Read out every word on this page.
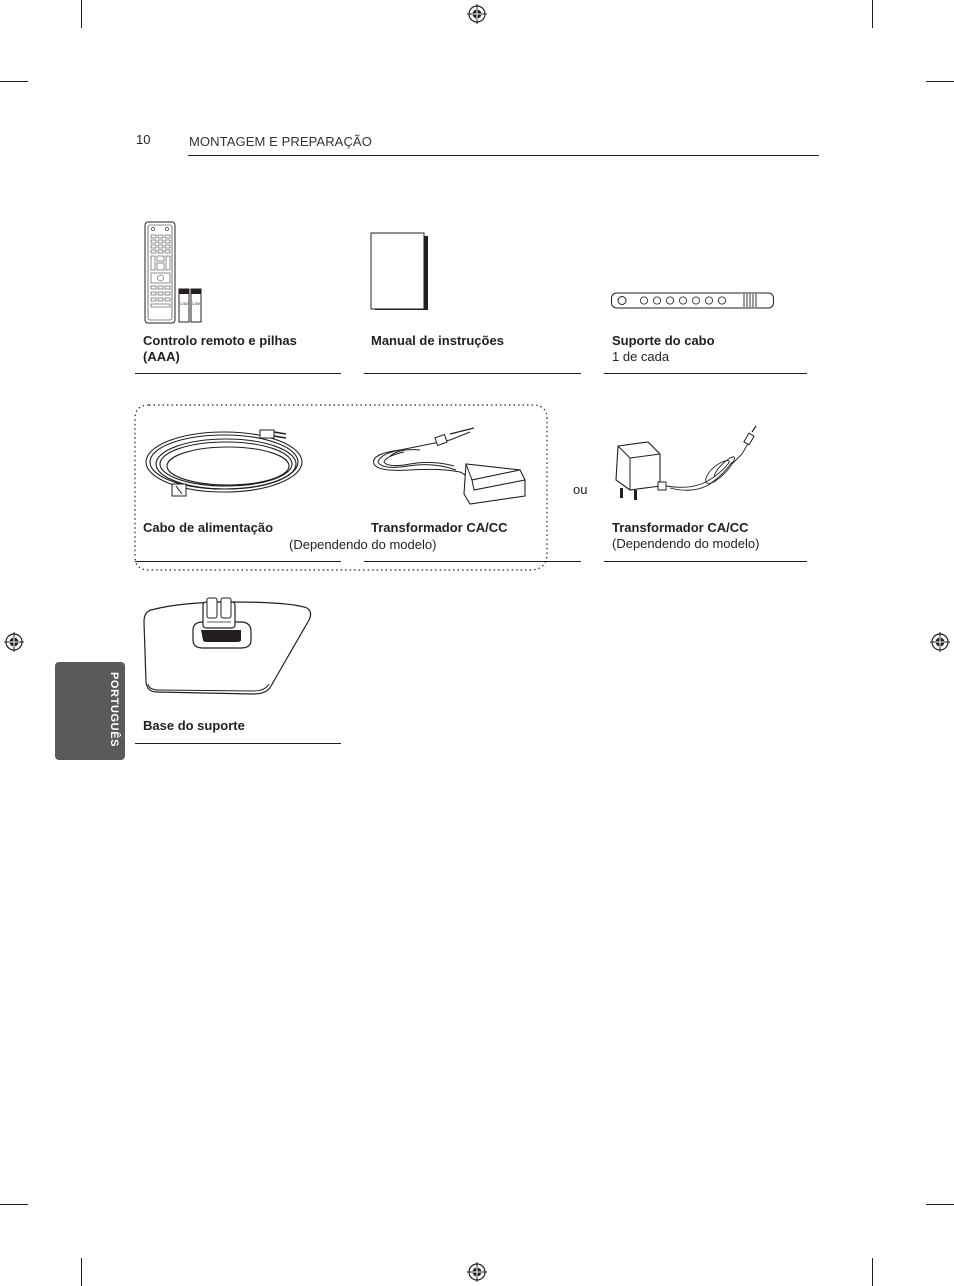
10	MONTAGEM E PREPARAÇÃO
PORTUGUÊS
1.5V 1.5V
Controlo remoto e pilhas
(AAA)
Manual de instruções	Suporte do cabo
1 de cada
ou
Cabo de alimentação	Transformador CA/CC
(Dependendo do modelo)
Transformador CA/CC
(Dependendo do modelo)
Base do suporte
